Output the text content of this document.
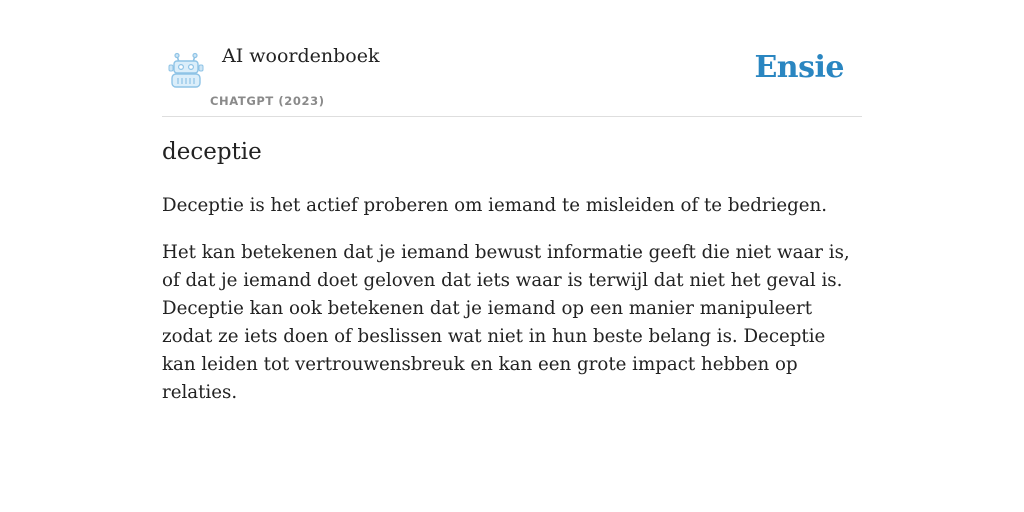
AI woordenboek
CHATGPT (2023)
Ensie
deceptie

Deceptie is het actief proberen om iemand te misleiden of te bedriegen.

Het kan betekenen dat je iemand bewust informatie geeft die niet waar is, of dat je iemand doet geloven dat iets waar is terwijl dat niet het geval is. Deceptie kan ook betekenen dat je iemand op een manier manipuleert zodat ze iets doen of beslissen wat niet in hun beste belang is. Deceptie kan leiden tot vertrouwensbreuk en kan een grote impact hebben op relaties.
